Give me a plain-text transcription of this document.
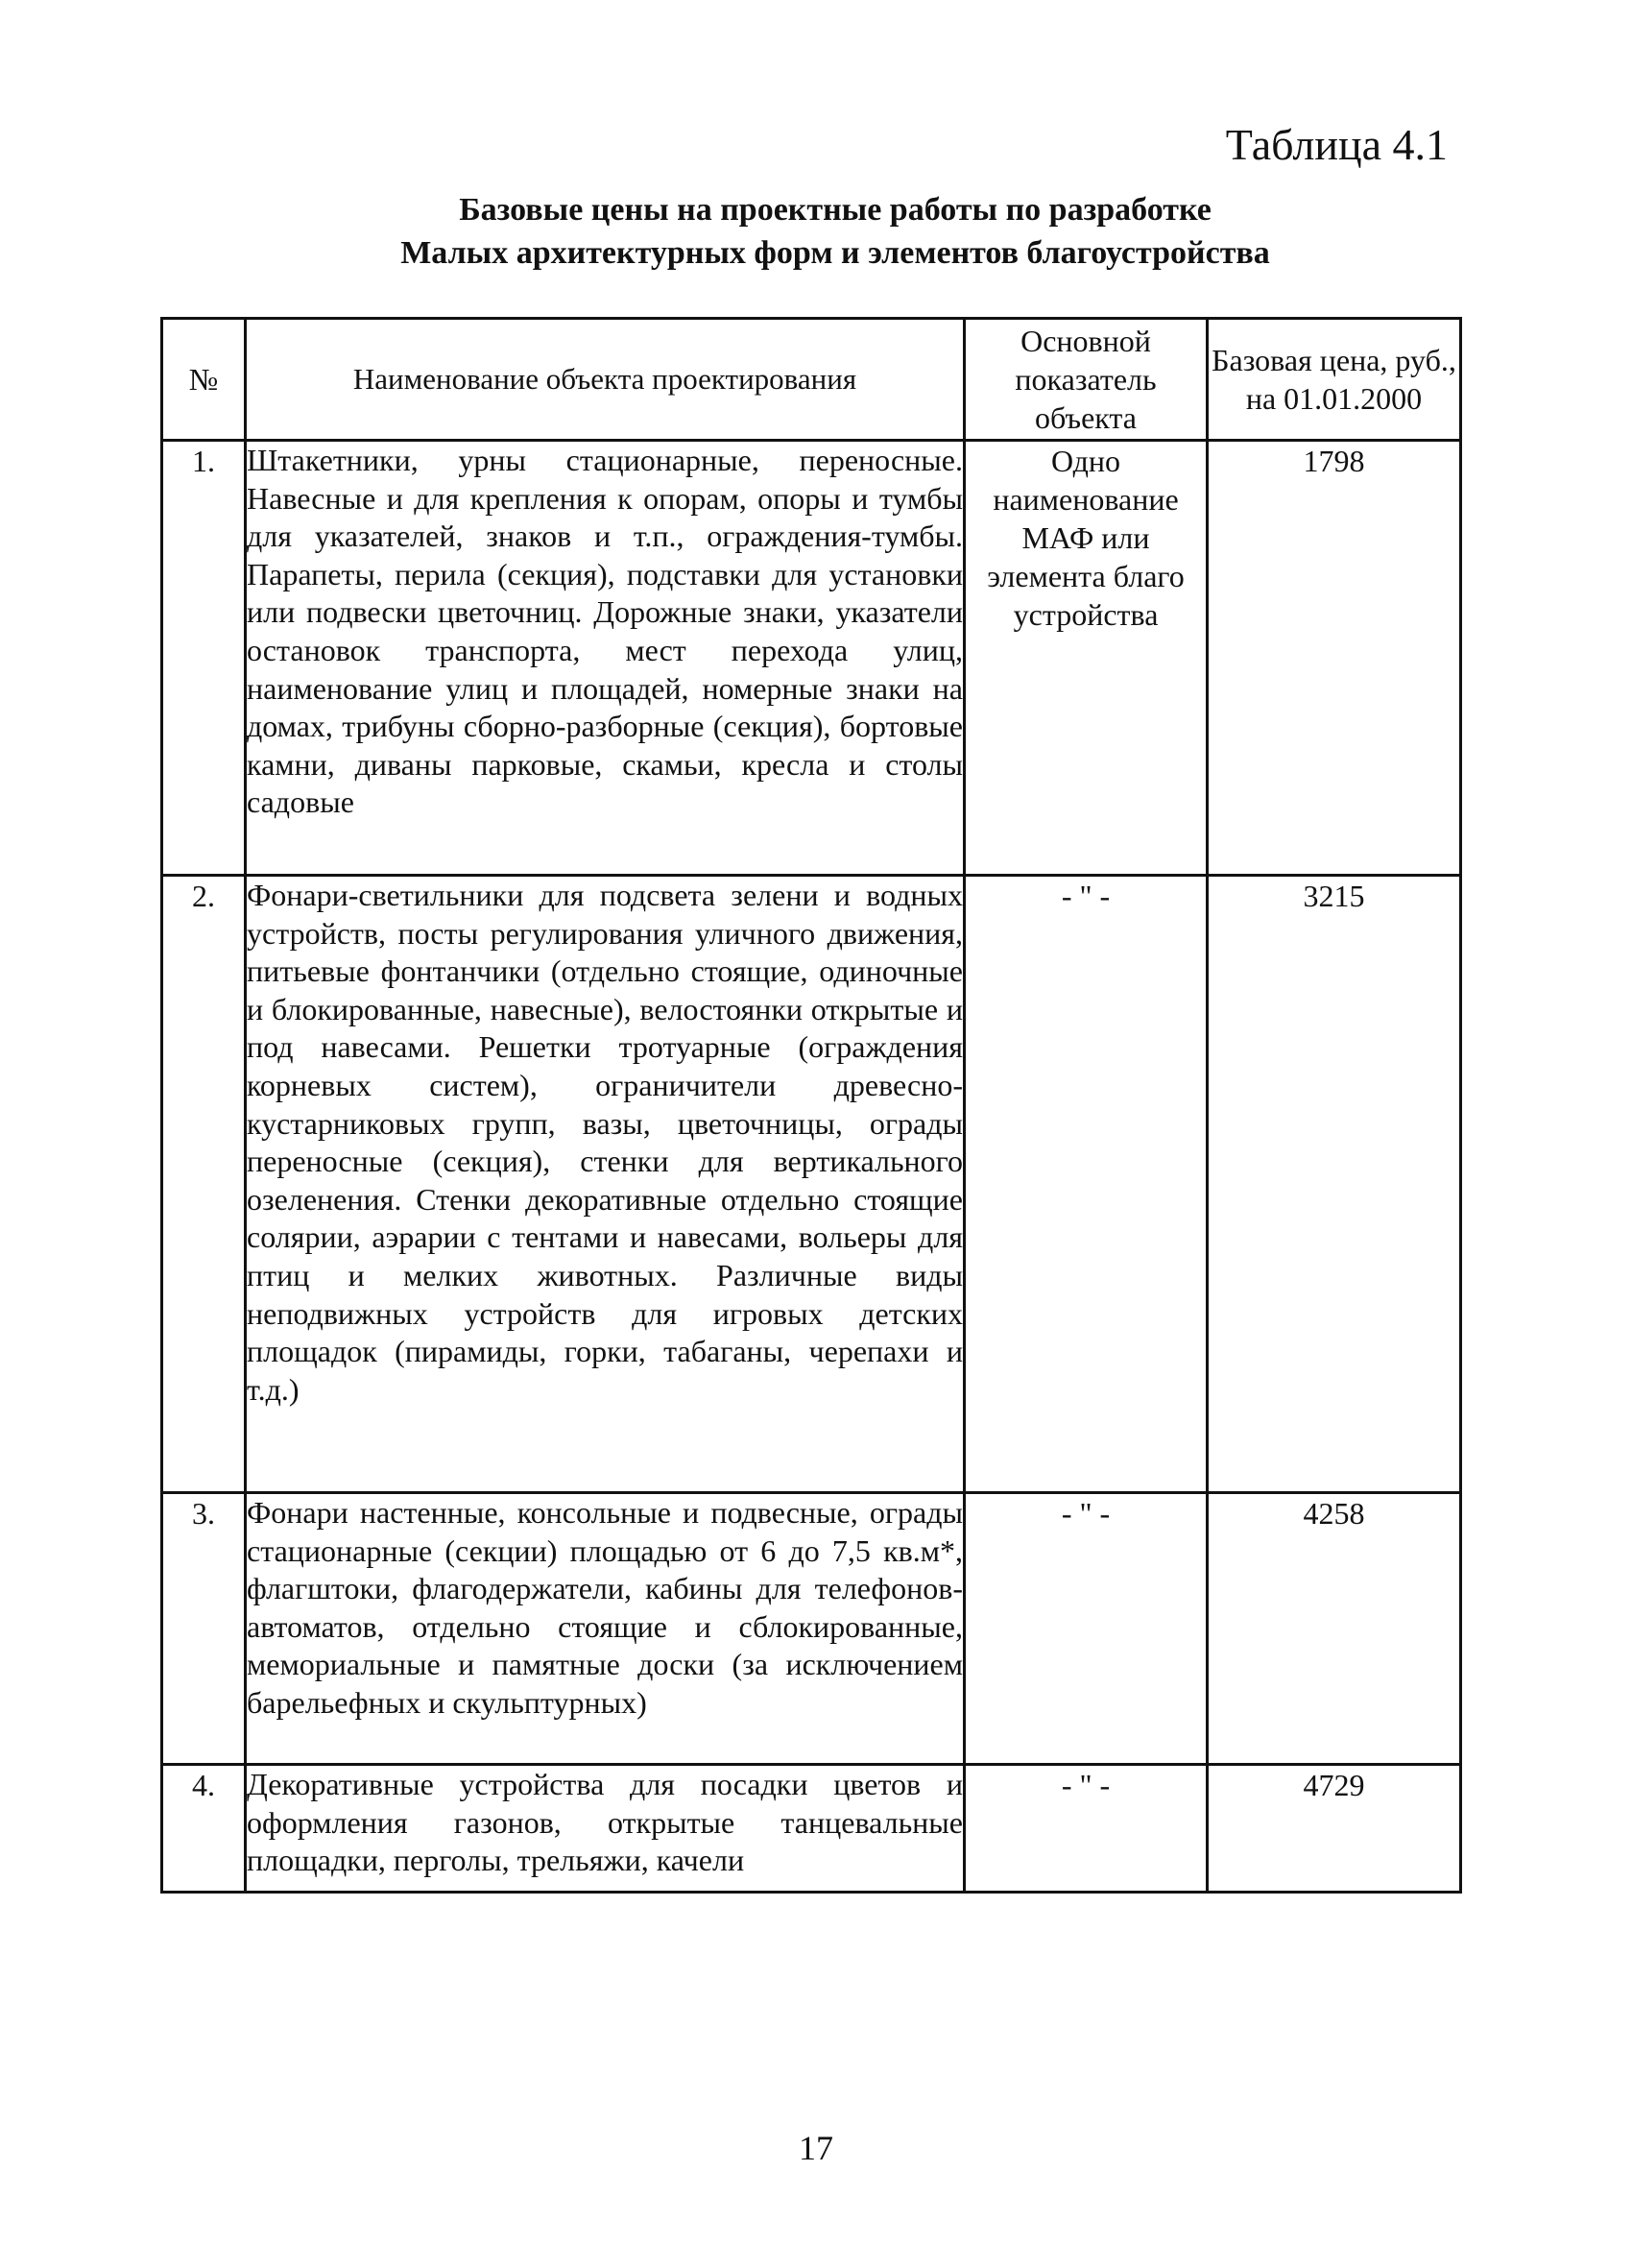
Таблица 4.1
Базовые цены на проектные работы по разработке
Малых архитектурных форм и элементов благоустройства
№	Наименование объекта проектирования	Основной показатель объекта	Базовая цена, руб., на 01.01.2000
1.	Штакетники, урны стационарные, переносные. Навесные и для крепления к опорам, опоры и тумбы для указателей, знаков и т.п., ограждения-тумбы. Парапеты, перила (секция), подставки для установки или подвески цветочниц. Дорожные знаки, указатели остановок транспорта, мест перехода улиц, наименование улиц и площадей, номерные знаки на домах, трибуны сборно-разборные (секция), бортовые камни, диваны парковые, скамьи, кресла и столы садовые	Одно наименование МАФ или элемента благо устройства	1798
2.	Фонари-светильники для подсвета зелени и водных устройств, посты регулирования уличного движения, питьевые фонтанчики (отдельно стоящие, одиночные и блокированные, навесные), велостоянки открытые и под навесами. Решетки тротуарные (ограждения корневых систем), ограничители древесно-кустарниковых групп, вазы, цветочницы, ограды переносные (секция), стенки для вертикального озеленения. Стенки декоративные отдельно стоящие солярии, аэрарии с тентами и навесами, вольеры для птиц и мелких животных. Различные виды неподвижных устройств для игровых детских площадок (пирамиды, горки, табаганы, черепахи и т.д.)	- " -	3215
3.	Фонари настенные, консольные и подвесные, ограды стационарные (секции) площадью от 6 до 7,5 кв.м*, флагштоки, флагодержатели, кабины для телефонов-автоматов, отдельно стоящие и сблокированные, мемориальные и памятные доски (за исключением барельефных и скульптурных)	- " -	4258
4.	Декоративные устройства для посадки цветов и оформления газонов, открытые танцевальные площадки, перголы, трельяжи, качели	- " -	4729
17
